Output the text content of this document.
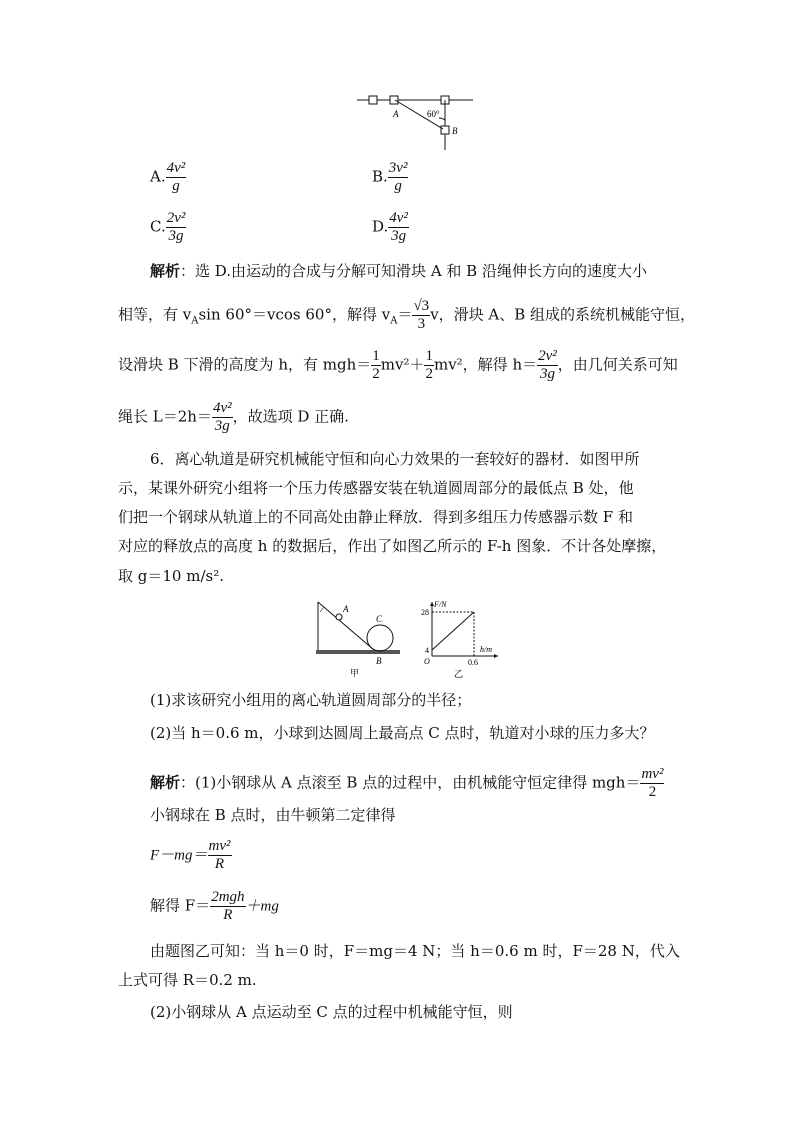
A
B
60°
A. $\frac{\text{4v²}}{g}$	B. $\frac{\text{3v²}}{g}$
C. $\frac{\text{2v²}}{3g}$	D. $\frac{\text{4v²}}{3g}$
解析：选 D.由运动的合成与分解可知滑块 A 和 B 沿绳伸长方向的速度大小
相等，有 $v_A\sin$ 60°＝vcos 60°，解得 $v_A= \frac{√3}{3}$ v，滑块 A、B 组成的系统机械能守恒，
设滑块 B 下滑的高度为 h，有 $mgh= \frac{1}{2} mv^2+ \frac{1}{2} mv^2$，解得 $h= \frac{\text{2v²}}{3g}$ ，由几何关系可知
绳长 $L=2h= \frac{\text{4v²}}{3g}$ ，故选项 D 正确.
6．离心轨道是研究机械能守恒和向心力效果的一套较好的器材．如图甲所
示，某课外研究小组将一个压力传感器安装在轨道圆周部分的最低点 B 处，他
们把一个钢球从轨道上的不同高处由静止释放．得到多组压力传感器示数 F 和
对应的释放点的高度 h 的数据后，作出了如图乙所示的 F-h 图象．不计各处摩擦，
取 g＝10 m/s².
A
C
B
甲
F/N
h/m
28
4
O	0.6
乙
(1)求该研究小组用的离心轨道圆周部分的半径；
(2)当 h＝0.6 m，小球到达圆周上最高点 C 点时，轨道对小球的压力多大？
解析：(1)小钢球从 A 点滚至 B 点的过程中，由机械能守恒定律得 $mgh= \frac{\text{mv²}}{2}$
小钢球在 B 点时，由牛顿第二定律得
$F-mg= \frac{\text{mv²}}{R}$
解得 $F= \frac{\text{2mgh}}{R} +mg$
由题图乙可知：当 h＝0 时，F＝mg＝4 N；当 h＝0.6 m 时，F＝28 N，代入
上式可得 R＝0.2 m.
(2)小钢球从 A 点运动至 C 点的过程中机械能守恒，则
